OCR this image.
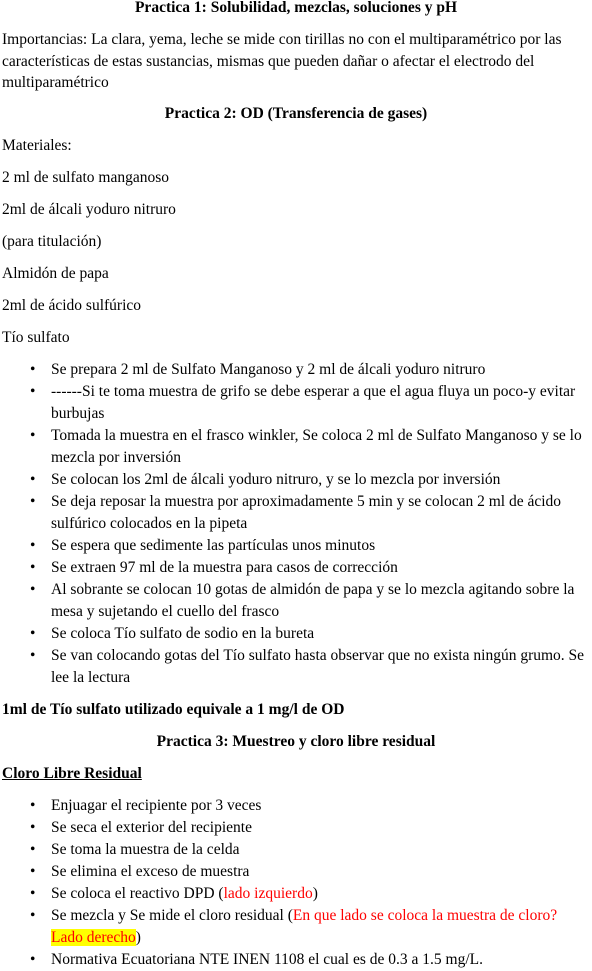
Practica 1: Solubilidad, mezclas, soluciones y pH

Importancias: La clara, yema, leche se mide con tirillas no con el multiparamétrico por las características de estas sustancias, mismas que pueden dañar o afectar el electrodo del multiparamétrico

Practica 2: OD (Transferencia de gases)

Materiales:

2 ml de sulfato manganoso

2ml de álcali yoduro nitruro

(para titulación)

Almidón de papa

2ml de ácido sulfúrico

Tío sulfato

• Se prepara 2 ml de Sulfato Manganoso y 2 ml de álcali yoduro nitruro
• ------Si te toma muestra de grifo se debe esperar a que el agua fluya un poco-y evitar burbujas
• Tomada la muestra en el frasco winkler, Se coloca 2 ml de Sulfato Manganoso y se lo mezcla por inversión
• Se colocan los 2ml de álcali yoduro nitruro, y se lo mezcla por inversión
• Se deja reposar la muestra por aproximadamente 5 min y se colocan 2 ml de ácido sulfúrico colocados en la pipeta
• Se espera que sedimente las partículas unos minutos
• Se extraen 97 ml de la muestra para casos de corrección
• Al sobrante se colocan 10 gotas de almidón de papa y se lo mezcla agitando sobre la mesa y sujetando el cuello del frasco
• Se coloca Tío sulfato de sodio en la bureta
• Se van colocando gotas del Tío sulfato hasta observar que no exista ningún grumo. Se lee la lectura

1ml de Tío sulfato utilizado equivale a 1 mg/l de OD

Practica 3: Muestreo y cloro libre residual

Cloro Libre Residual

• Enjuagar el recipiente por 3 veces
• Se seca el exterior del recipiente
• Se toma la muestra de la celda
• Se elimina el exceso de muestra
• Se coloca el reactivo DPD (lado izquierdo)
• Se mezcla y Se mide el cloro residual (En que lado se coloca la muestra de cloro? Lado derecho)
• Normativa Ecuatoriana NTE INEN 1108 el cual es de 0.3 a 1.5 mg/L.
